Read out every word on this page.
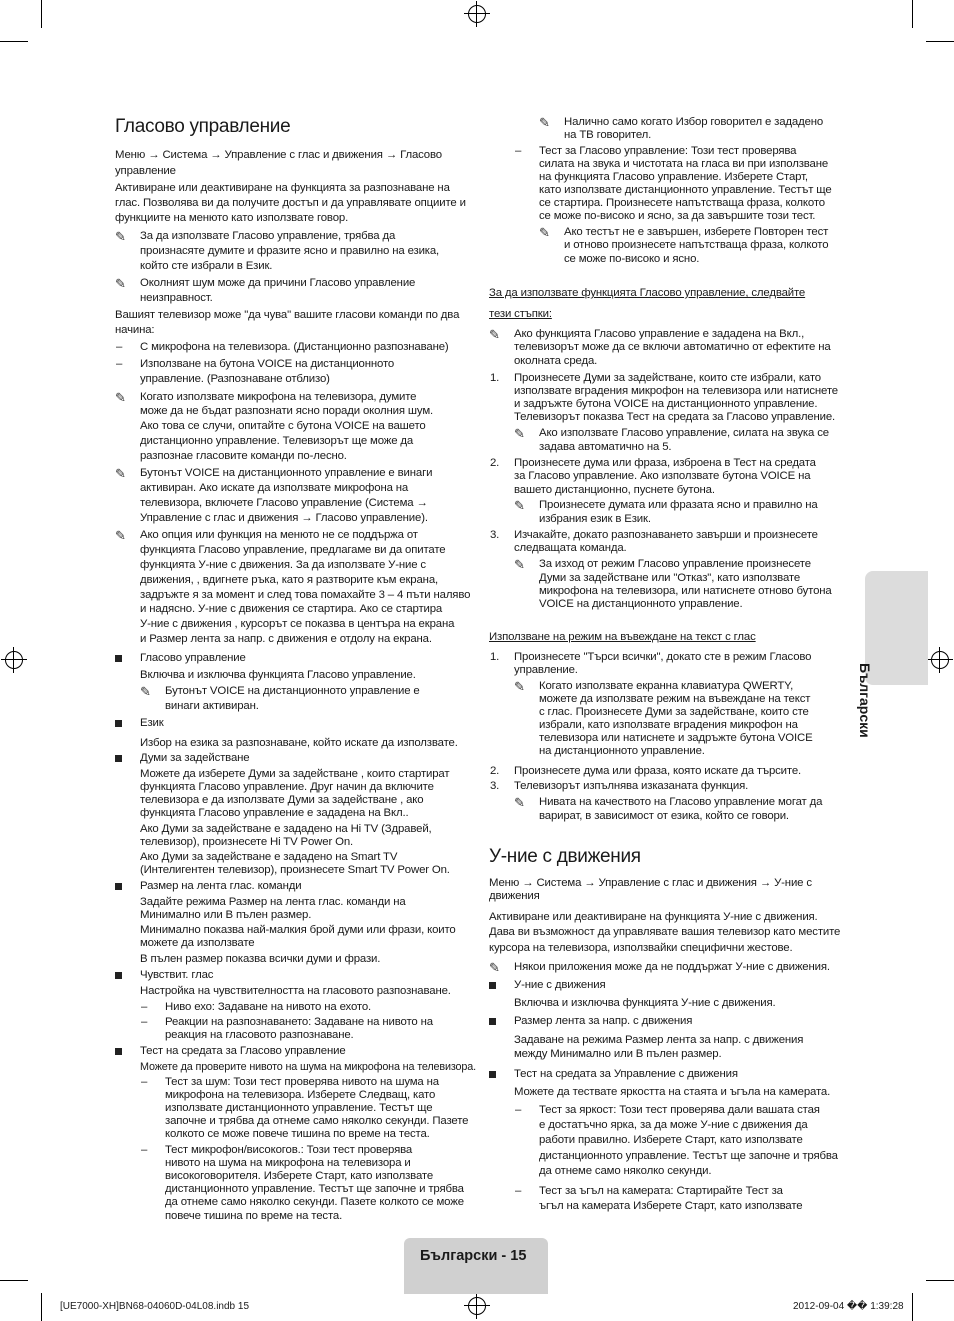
Гласово управление
У-ние с движения
Български
Български - 15
[UE7000-XH]BN68-04060D-04L08.indb 15	2012-09-04 �� 1:39:28
Меню → Система → Управление с глас и движения → Гласово
управление
Активиране или деактивиране на функцията за разпознаване на
глас. Позволява ви да получите достъп и да управлявате опциите и
функциите на менюто като използвате говор.
За да използвате Гласово управление, трябва да
✎
произнасяте думите и фразите ясно и правилно на езика,
който сте избрали в Език.
Околният шум може да причини Гласово управление
✎
неизправност.
Вашият телевизор може "да чува" вашите гласови команди по два
начина:
С микрофона на телевизора. (Дистанционно разпознаване)
–
Използване на бутона VOICE на дистанционното
–
управление. (Разпознаване отблизо)
Когато използвате микрофона на телевизора, думите
✎
може да не бъдат разпознати ясно поради околния шум.
Ако това се случи, опитайте с бутона VOICE на вашето
дистанционно управление. Телевизорът ще може да
разпознае гласовите команди по-лесно.
Бутонът VOICE на дистанционното управление е винаги
✎
активиран. Ако искате да използвате микрофона на
телевизора, включете Гласово управление (Система →
Управление с глас и движения → Гласово управление).
Ако опция или функция на менюто не се поддържа от
✎
функцията Гласово управление, предлагаме ви да опитате
функцията У-ние с движения. За да използвате У-ние с
движения, , вдигнете ръка, като я разтворите към екрана,
задръжте я за момент и след това помахайте 3 – 4 пъти наляво
и надясно. У-ние с движения се стартира. Ако се стартира
У-ние с движения , курсорът се показва в центъра на екрана
и Размер лента за напр. с движения е отдолу на екрана.
Гласово управление
Включва и изключва функцията Гласово управление.
Бутонът VOICE на дистанционното управление е
✎
винаги активиран.
Език
Избор на езика за разпознаване, който искате да използвате.
Думи за задействане
Можете да изберете Думи за задействане , които стартират
функцията Гласово управление. Друг начин да включите
телевизора е да използвате Думи за задействане , ако
функцията Гласово управление е зададена на Вкл..
Ако Думи за задействане е зададено на Hi TV (Здравей,
телевизор), произнесете Hi TV Power On.
Ако Думи за задействане е зададено на Smart TV
(Интелигентен телевизор), произнесете Smart TV Power On.
Размер на лента глас. команди
Задайте режима Размер на лента глас. команди на
Минимално или В пълен размер.
Минимално показва най-малкия брой думи или фрази, които
можете да използвате
В пълен размер показва всички думи и фрази.
Чувствит. глас
Настройка на чувствителността на гласовото разпознаване.
Ниво ехо: Задаване на нивото на ехото.
–
Реакции на разпознаването: Задаване на нивото на
–
реакция на гласовото разпознаване.
Тест на средата за Гласово управление
Можете да проверите нивото на шума на микрофона на телевизора.
Тест за шум: Този тест проверява нивото на шума на
–
микрофона на телевизора. Изберете Следващ, като
използвате дистанционното управление. Тестът ще
започне и трябва да отнеме само няколко секунди. Пазете
колкото се може повече тишина по време на теста.
Тест микрофон/високогов.: Този тест проверява
–
нивото на шума на микрофона на телевизора и
високоговорителя. Изберете Старт, като използвате
дистанционното управление. Тестът ще започне и трябва
да отнеме само няколко секунди. Пазете колкото се може
повече тишина по време на теста.
Налично само когато Избор говорител е зададено
✎
на ТВ говорител.
Тест за Гласово управление: Този тест проверява
–
силата на звука и чистотата на гласа ви при използване
на функцията Гласово управление. Изберете Старт,
като използвате дистанционното управление. Тестът ще
се стартира. Произнесете напътстваща фраза, колкото
се може по-високо и ясно, за да завършите този тест.
Ако тестът не е завършен, изберете Повторен тест
✎
и отново произнесете напътстваща фраза, колкото
се може по-високо и ясно.
За да използвате функцията Гласово управление, следвайте
тези стъпки:
Ако функцията Гласово управление е зададена на Вкл.,
✎
телевизорът може да се включи автоматично от ефектите на
околната среда.
Произнесете Думи за задействане, които сте избрали, като
1.
използвате вградения микрофон на телевизора или натиснете
и задръжте бутона VOICE на дистанционното управление.
Телевизорът показва Тест на средата за Гласово управление.
Ако използвате Гласово управление, силата на звука се
✎
задава автоматично на 5.
Произнесете дума или фраза, изброена в Тест на средата
2.
за Гласово управление. Ако използвате бутона VOICE на
вашето дистанционно, пуснете бутона.
Произнесете думата или фразата ясно и правилно на
✎
избрания език в Език.
Изчакайте, докато разпознаването завърши и произнесете
3.
следващата команда.
За изход от режим Гласово управление произнесете
✎
Думи за задействане или "Отказ", като използвате
микрофона на телевизора, или натиснете отново бутона
VOICE на дистанционното управление.
Използване на режим на въвеждане на текст с глас
Произнесете "Търси всички", докато сте в режим Гласово
1.
управление.
Когато използвате екранна клавиатура QWERTY,
✎
можете да използвате режим на въвеждане на текст
с глас. Произнесете Думи за задействане, които сте
избрали, като използвате вградения микрофон на
телевизора или натиснете и задръжте бутона VOICE
на дистанционното управление.
Произнесете дума или фраза, която искате да търсите.
2.
Телевизорът изпълнява изказаната функция.
3.
Нивата на качеството на Гласово управление могат да
✎
варират, в зависимост от езика, който се говори.
Меню → Система → Управление с глас и движения → У-ние с
движения
Активиране или деактивиране на функцията У-ние с движения.
Дава ви възможност да управлявате вашия телевизор като местите
курсора на телевизора, използвайки специфични жестове.
Някои приложения може да не поддържат У-ние с движения.
✎
У-ние с движения
Включва и изключва функцията У-ние с движения.
Размер лента за напр. с движения
Задаване на режима Размер лента за напр. с движения
между Минимално или В пълен размер.
Тест на средата за Управление с движения
Можете да тествате яркостта на стаята и ъгъла на камерата.
Тест за яркост: Този тест проверява дали вашата стая
–
е достатъчно ярка, за да може У-ние с движения да
работи правилно. Изберете Старт, като използвате
дистанционното управление. Тестът ще започне и трябва
да отнеме само няколко секунди.
Тест за ъгъл на камерата: Стартирайте Тест за
–
ъгъл на камерата Изберете Старт, като използвате
